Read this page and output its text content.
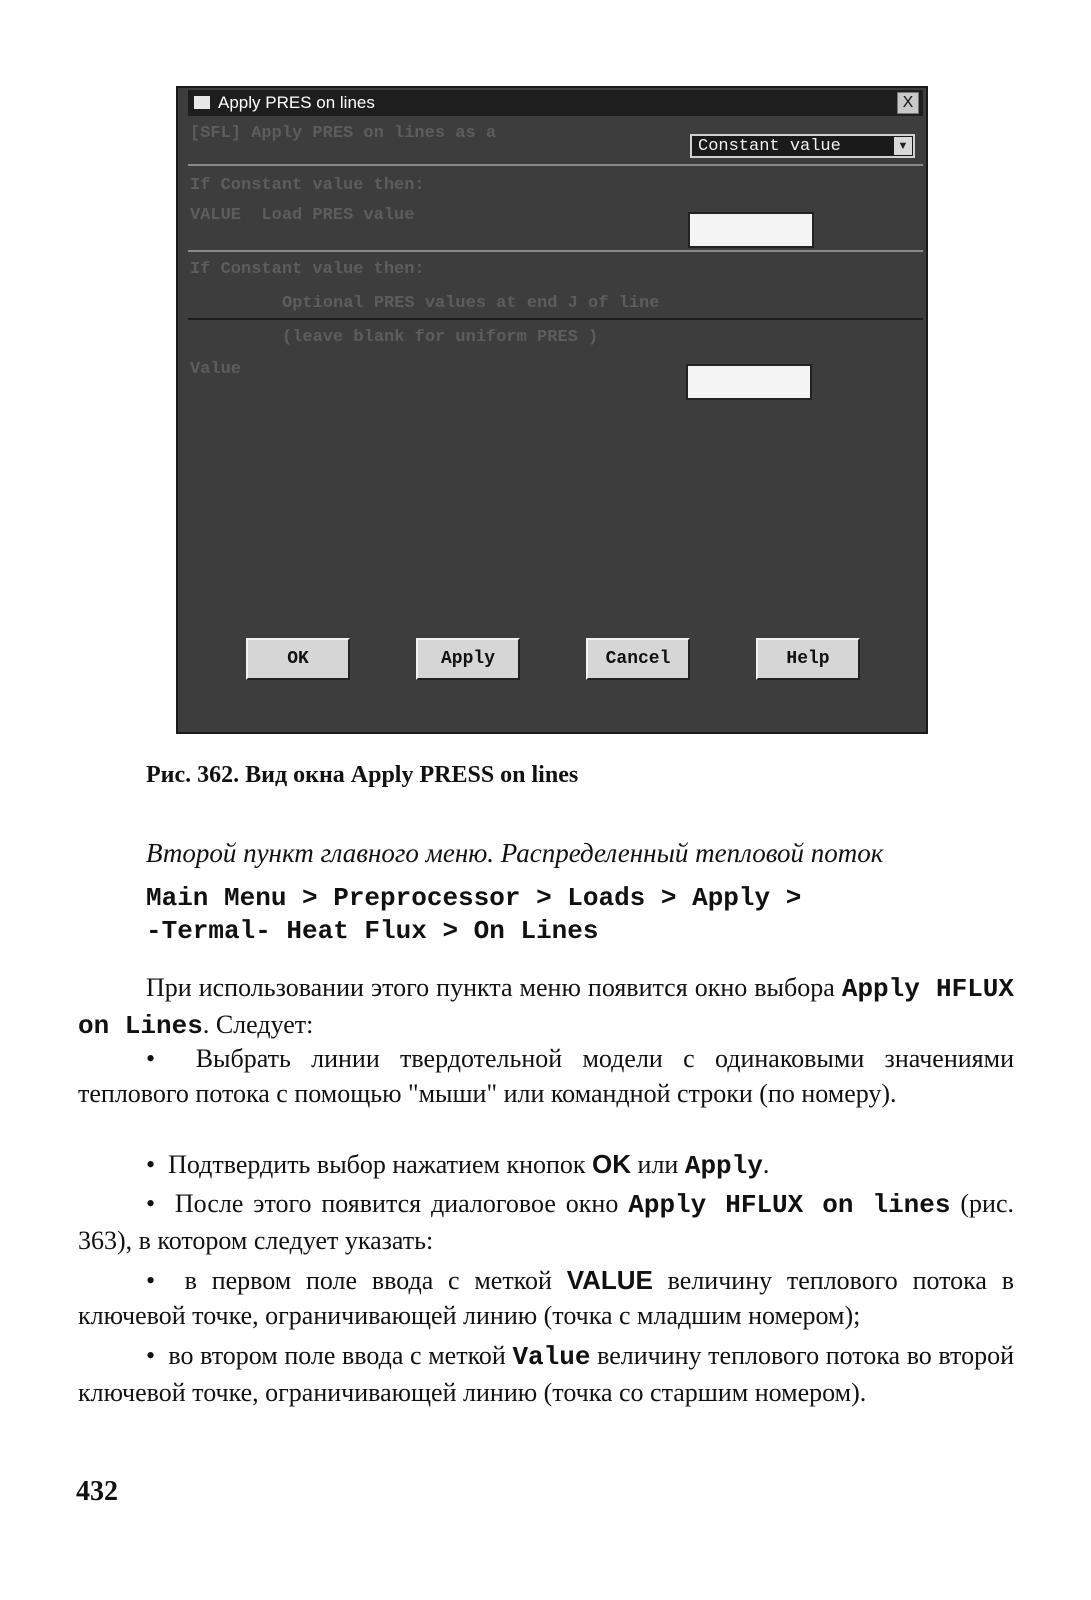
Apply PRES on lines	X
[SFL] Apply PRES on lines as a
Constant value	▼
If Constant value then:
VALUE  Load PRES value
If Constant value then:
Optional PRES values at end J of line
(leave blank for uniform PRES )
Value
OK	Apply	Cancel	Help
Рис. 362. Вид окна Apply PRESS on lines
Второй пункт главного меню. Распределенный тепловой поток
Main Menu > Preprocessor > Loads > Apply >
-Termal- Heat Flux > On Lines
При использовании этого пункта меню появится окно выбора Apply HFLUX on Lines. Следует:
•  Выбрать линии твердотельной модели с одинаковыми значениями теплового потока с помощью "мыши" или командной строки (по номеру).
•  Подтвердить выбор нажатием кнопок OK или Apply.
•  После этого появится диалоговое окно Apply HFLUX on lines (рис. 363), в котором следует указать:
•  в первом поле ввода с меткой VALUE величину теплового потока в ключевой точке, ограничивающей линию (точка с младшим номером);
•  во втором поле ввода с меткой Value величину теплового потока во второй ключевой точке, ограничивающей линию (точка со старшим номером).
432
